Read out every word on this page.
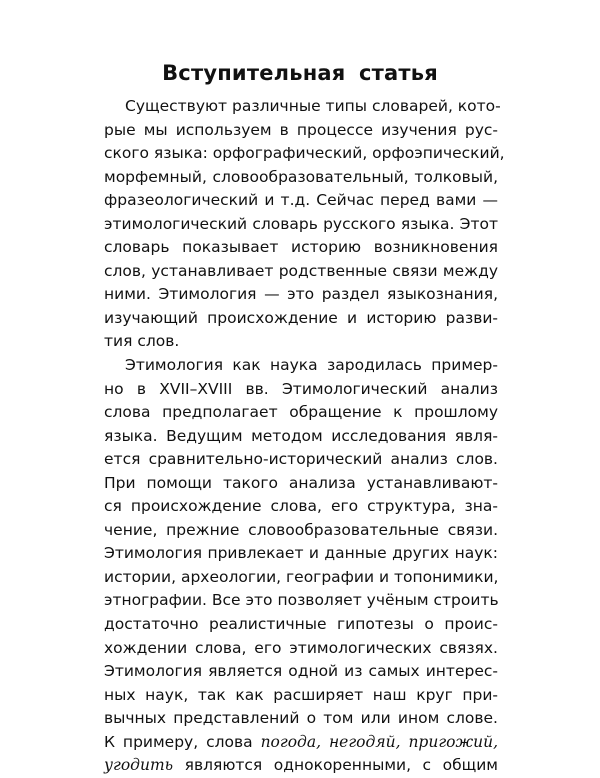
Вступительная статья
Существуют различные типы словарей, кото-
рые мы используем в процессе изучения рус-
ского языка: орфографический, орфоэпический,
морфемный, словообразовательный, толковый,
фразеологический и т.д. Сейчас перед вами —
этимологический словарь русского языка. Этот
словарь показывает историю возникновения
слов, устанавливает родственные связи между
ними. Этимология — это раздел языкознания,
изучающий происхождение и историю разви-
тия слов.
Этимология как наука зародилась пример-
но в XVII–XVIII вв. Этимологический анализ
слова предполагает обращение к прошлому
языка. Ведущим методом исследования явля-
ется сравнительно-исторический анализ слов.
При помощи такого анализа устанавливают-
ся происхождение слова, его структура, зна-
чение, прежние словообразовательные связи.
Этимология привлекает и данные других наук:
истории, археологии, географии и топонимики,
этнографии. Все это позволяет учёным строить
достаточно реалистичные гипотезы о проис-
хождении слова, его этимологических связях.
Этимология является одной из самых интерес-
ных наук, так как расширяет наш круг при-
вычных представлений о том или ином слове.
К примеру, слова погода, негодяй, пригожий,
угодить являются однокоренными, с общим
